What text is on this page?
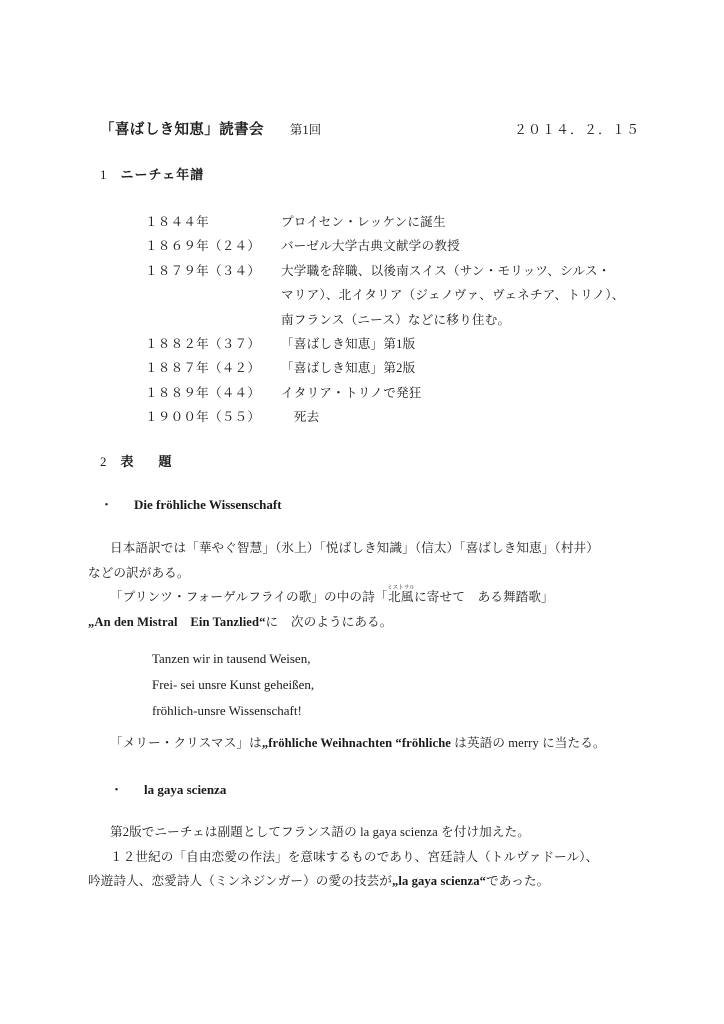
「喜ばしき知恵」読書会 第1回	２０１４．２．１５
1 ニーチェ年譜
１８４４年	プロイセン・レッケンに誕生
１８６９年（２４） バーゼル大学古典文献学の教授
１８７９年（３４） 大学職を辞職、以後南スイス（サン・モリッツ、シルス・
マリア）、北イタリア（ジェノヴァ、ヴェネチア、トリノ）、
南フランス（ニース）などに移り住む。
１８８２年（３７） 「喜ばしき知恵」第1版
１８８７年（４２） 「喜ばしき知恵」第2版
１８８９年（４４） イタリア・トリノで発狂
１９００年（５５）　死去
2 表　題
・ Die fröhliche Wissenschaft
日本語訳では「華やぐ智慧」（氷上）「悦ばしき知識」（信太）「喜ばしき知恵」（村井）
などの訳がある。
「プリンツ・フォーゲルフライの歌」の中の詩「北風ミストラルに寄せて　ある舞踏歌」
„An den Mistral　Ein Tanzlied“に　次のようにある。
Tanzen wir in tausend Weisen,
Frei- sei unsre Kunst geheißen,
fröhlich-unsre Wissenschaft!
「メリー・クリスマス」は„fröhliche Weihnachten “fröhliche は英語の merry に当たる。
・ la gaya scienza
第2版でニーチェは副題としてフランス語の la gaya scienza を付け加えた。
１２世紀の「自由恋愛の作法」を意味するものであり、宮廷詩人（トルヴァドール）、
吟遊詩人、恋愛詩人（ミンネジンガー）の愛の技芸が„la gaya scienza“であった。
